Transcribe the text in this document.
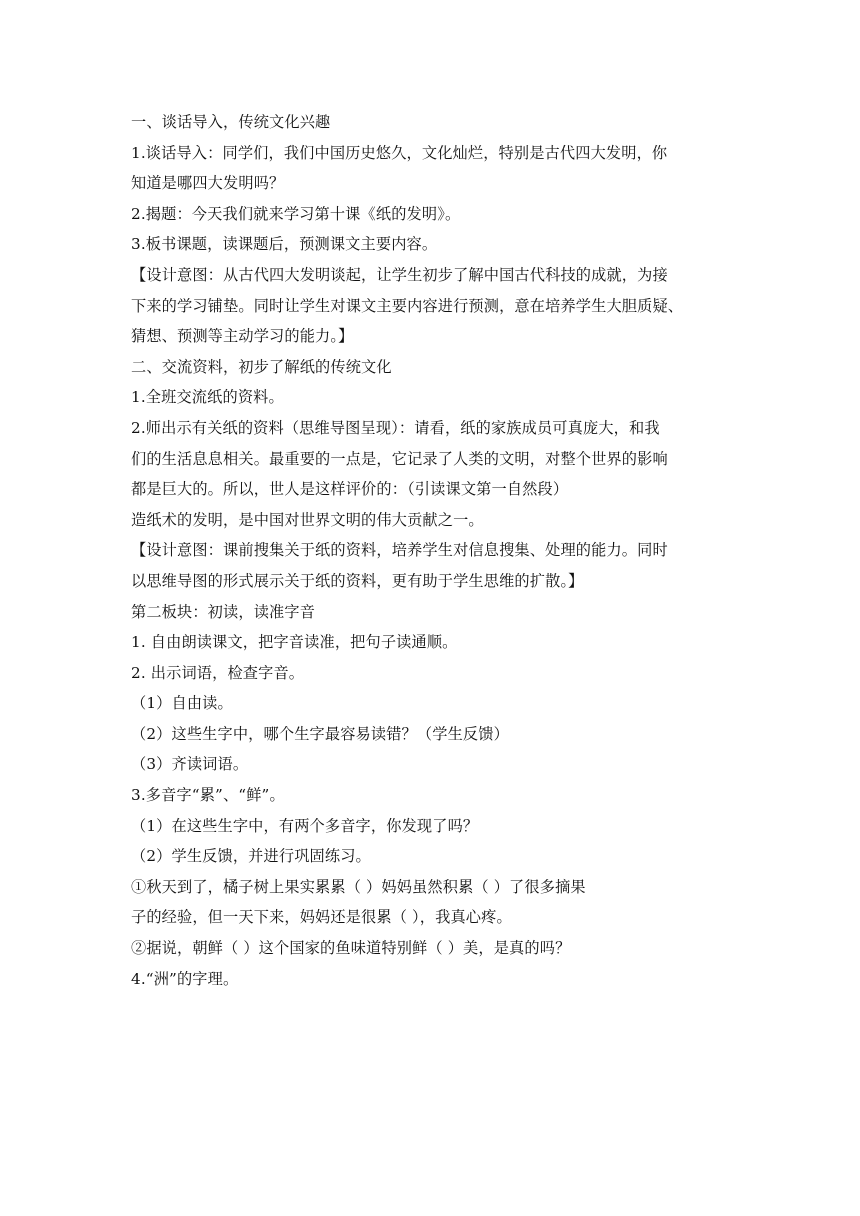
一、谈话导入，传统文化兴趣
1.谈话导入：同学们，我们中国历史悠久，文化灿烂，特别是古代四大发明，你
知道是哪四大发明吗？
2.揭题：今天我们就来学习第十课《纸的发明》。
3.板书课题，读课题后，预测课文主要内容。
【设计意图：从古代四大发明谈起，让学生初步了解中国古代科技的成就，为接
下来的学习铺垫。同时让学生对课文主要内容进行预测，意在培养学生大胆质疑、
猜想、预测等主动学习的能力。】
二、交流资料，初步了解纸的传统文化
1.全班交流纸的资料。
2.师出示有关纸的资料（思维导图呈现）：请看，纸的家族成员可真庞大，和我
们的生活息息相关。最重要的一点是，它记录了人类的文明，对整个世界的影响
都是巨大的。所以，世人是这样评价的：（引读课文第一自然段）
造纸术的发明，是中国对世界文明的伟大贡献之一。
【设计意图：课前搜集关于纸的资料，培养学生对信息搜集、处理的能力。同时
以思维导图的形式展示关于纸的资料，更有助于学生思维的扩散。】
第二板块：初读，读准字音
1. 自由朗读课文，把字音读准，把句子读通顺。
2. 出示词语，检查字音。
（1）自由读。
（2）这些生字中，哪个生字最容易读错？（学生反馈）
（3）齐读词语。
3.多音字“累”、“鲜”。
（1）在这些生字中，有两个多音字，你发现了吗？
（2）学生反馈，并进行巩固练习。
①秋天到了，橘子树上果实累累（ ）妈妈虽然积累（ ）了很多摘果
子的经验，但一天下来，妈妈还是很累（ ），我真心疼。
②据说，朝鲜（ ）这个国家的鱼味道特别鲜（ ）美，是真的吗？
4.“洲”的字理。
